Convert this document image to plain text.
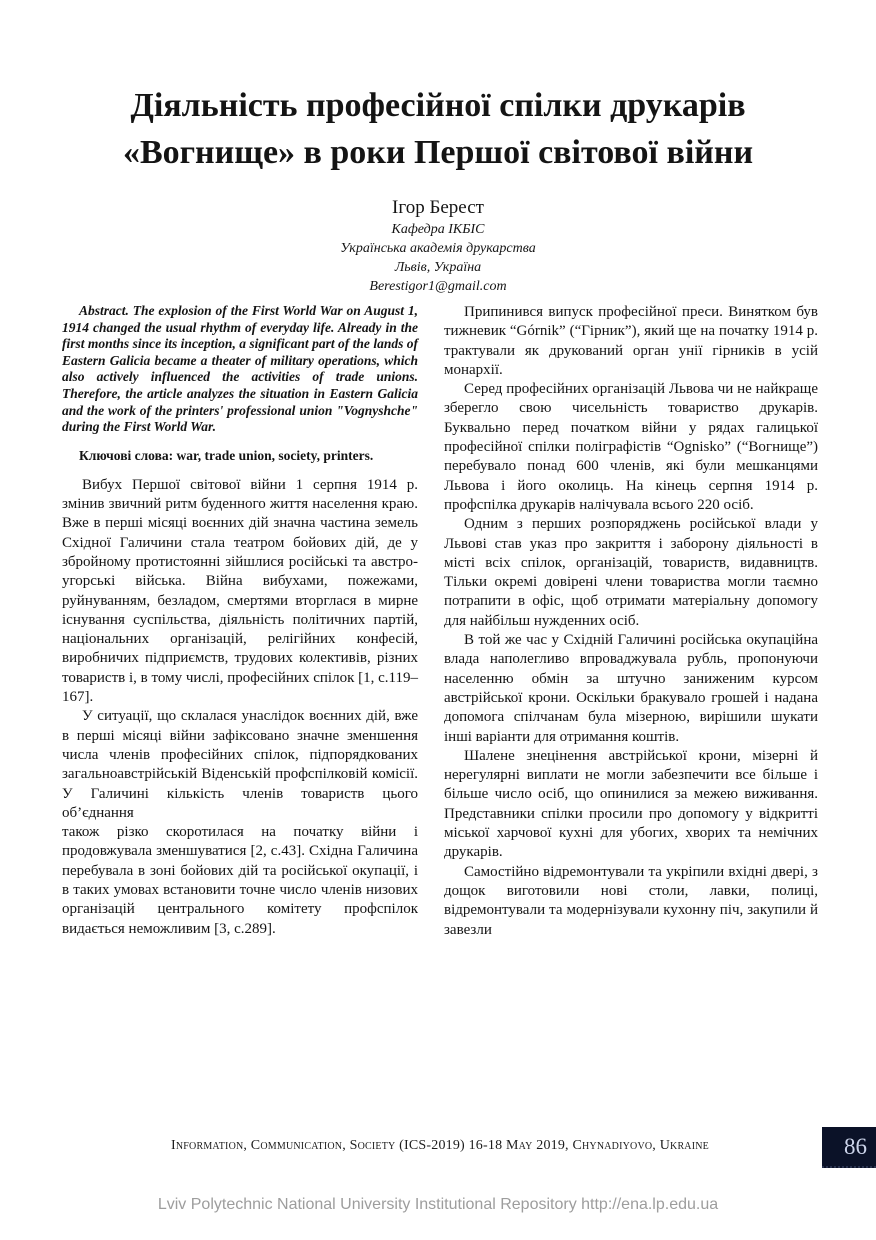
Діяльність професійної спілки друкарів
«Вогнище» в роки Першої світової війни
Ігор Берест
Кафедра ІКБІС
Українська академія друкарства
Львів, Україна
Berestigor1@gmail.com

Abstract. The explosion of the First World War on August 1, 1914 changed the usual rhythm of everyday life. Already in the first months since its inception, a significant part of the lands of Eastern Galicia became a theater of military operations, which also actively influenced the activities of trade unions. Therefore, the article analyzes the situation in Eastern Galicia and the work of the printers' professional union "Vognyshche" during the First World War.

Ключові слова: war, trade union, society, printers.

Вибух Першої світової війни 1 серпня 1914 р. змінив звичний ритм буденного життя населення краю. Вже в перші місяці воєнних дій значна частина земель Східної Галичини стала театром бойових дій, де у збройному протистоянні зійшлися російські та австро-угорські війська. Війна вибухами, пожежами, руйнуванням, безладом, смертями вторглася в мирне існування суспільства, діяльність політичних партій, національних організацій, релігійних конфесій, виробничих підприємств, трудових колективів, різних товариств і, в тому числі, професійних спілок [1, с.119–167].

У ситуації, що склалася унаслідок воєнних дій, вже в перші місяці війни зафіксовано значне зменшення числа членів професійних спілок, підпорядкованих загальноавстрійській Віденській профспілковій комісії. У Галичині кількість членів товариств цього об’єднання

також різко скоротилася на початку війни і продовжувала зменшуватися [2, с.43]. Східна Галичина перебувала в зоні бойових дій та російської окупації, і в таких умовах встановити точне число членів низових організацій центрального комітету профспілок видається неможливим [3, с.289].

Припинився випуск професійної преси. Винятком був тижневик “Górnik” (“Гірник”), який ще на початку 1914 р. трактували як друкований орган унії гірників в усій монархії.

Серед професійних організацій Львова чи не найкраще зберегло свою чисельність товариство друкарів. Буквально перед початком війни у рядах галицької професійної спілки поліграфістів “Ognisko” (“Вогнище”) перебувало понад 600 членів, які були мешканцями Львова і його околиць. На кінець серпня 1914 р. профспілка друкарів налічувала всього 220 осіб.

Одним з перших розпоряджень російської влади у Львові став указ про закриття і заборону діяльності в місті всіх спілок, організацій, товариств, видавництв. Тільки окремі довірені члени товариства могли таємно потрапити в офіс, щоб отримати матеріальну допомогу для найбільш нужденних осіб.

В той же час у Східній Галичині російська окупаційна влада наполегливо впроваджувала рубль, пропонуючи населенню обмін за штучно заниженим курсом австрійської крони. Оскільки бракувало грошей і надана допомога спілчанам була мізерною, вирішили шукати інші варіанти для отримання коштів.

Шалене знецінення австрійської крони, мізерні й нерегулярні виплати не могли забезпечити все більше і більше число осіб, що опинилися за межею виживання. Представники спілки просили про допомогу у відкритті міської харчової кухні для убогих, хворих та немічних друкарів.

Самостійно відремонтували та укріпили вхідні двері, з дощок виготовили нові столи, лавки, полиці, відремонтували та модернізували кухонну піч, закупили й завезли

Information, Communication, Society (ICS-2019) 16-18 May 2019, Chynadiyovo, Ukraine	86
Lviv Polytechnic National University Institutional Repository http://ena.lp.edu.ua
